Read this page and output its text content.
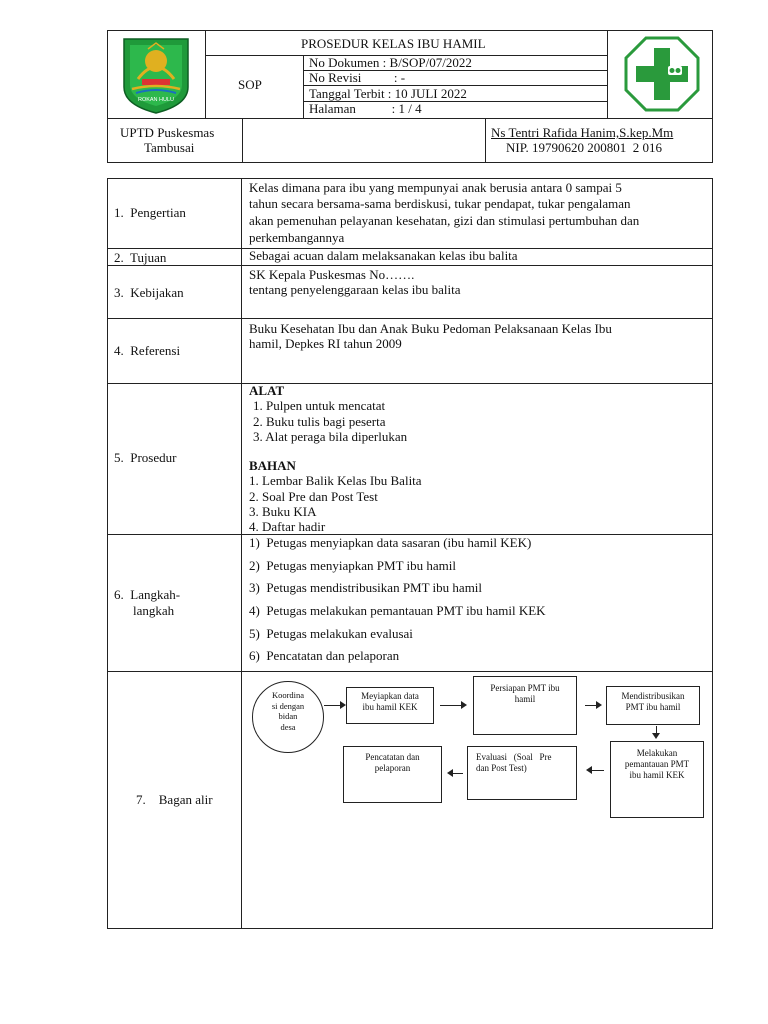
ROKAN HULU
SOP
PROSEDUR KELAS IBU HAMIL
No Dokumen : B/SOP/07/2022
No Revisi          : -
Tanggal Terbit : 10 JULI 2022
Halaman           : 1 / 4
UPTD Puskesmas
Tambusai
Ns Tentri Rafida Hanim,S.kep.Mm
NIP. 19790620 200801  2 016
1.  Pengertian
Kelas dimana para ibu yang mempunyai anak berusia antara 0 sampai 5
tahun secara bersama-sama berdiskusi, tukar pendapat, tukar pengalaman
akan pemenuhan pelayanan kesehatan, gizi dan stimulasi pertumbuhan dan
perkembangannya
2.  Tujuan	Sebagai acuan dalam melaksanakan kelas ibu balita
3.  Kebijakan
SK Kepala Puskesmas No…….
tentang penyelenggaraan kelas ibu balita
4.  Referensi
Buku Kesehatan Ibu dan Anak Buku Pedoman Pelaksanaan Kelas Ibu
hamil, Depkes RI tahun 2009
5.  Prosedur
ALAT
1. Pulpen untuk mencatat
2. Buku tulis bagi peserta
3. Alat peraga bila diperlukan
BAHAN
1. Lembar Balik Kelas Ibu Balita
2. Soal Pre dan Post Test
3. Buku KIA
4. Daftar hadir
6.  Langkah-
langkah
1)  Petugas menyiapkan data sasaran (ibu hamil KEK)
2)  Petugas menyiapkan PMT ibu hamil
3)  Petugas mendistribusikan PMT ibu hamil
4)  Petugas melakukan pemantauan PMT ibu hamil KEK
5)  Petugas melakukan evalusai
6)  Pencatatan dan pelaporan
7.    Bagan alir
Koordina
si dengan
bidan
desa
Meyiapkan data
ibu hamil KEK
Persiapan PMT ibu
hamil	Mendistribusikan
PMT ibu hamil
Melakukan
pemantauan PMT
ibu hamil KEK
Evaluasi   (Soal   Pre
dan Post Test)
Pencatatan dan
pelaporan
